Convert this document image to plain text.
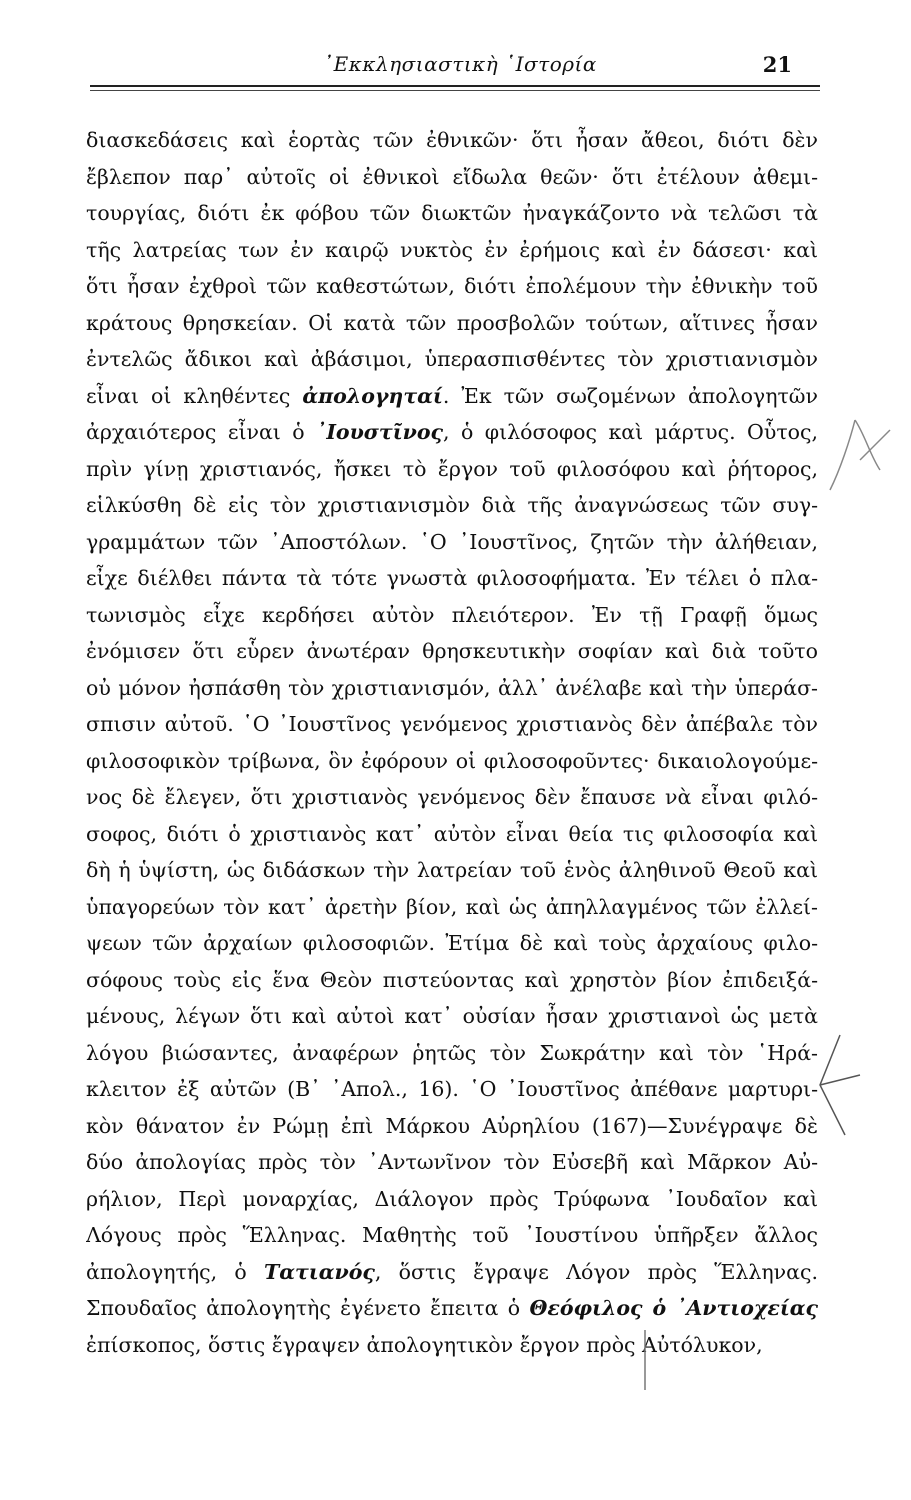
᾿Εκκλησιαστικὴ ῾Ιστορία	21
διασκεδάσεις καὶ ἑορτὰς τῶν ἐθνικῶν· ὅτι ἦσαν ἄθεοι, διότι δὲν
ἔβλεπον παρ᾽ αὐτοῖς οἱ ἐθνικοὶ εἴδωλα θεῶν· ὅτι ἐτέλουν ἀθεμι-
τουργίας, διότι ἐκ φόβου τῶν διωκτῶν ἠναγκάζοντο νὰ τελῶσι τὰ
τῆς λατρείας των ἐν καιρῷ νυκτὸς ἐν ἐρήμοις καὶ ἐν δάσεσι· καὶ
ὅτι ἦσαν ἐχθροὶ τῶν καθεστώτων, διότι ἐπολέμουν τὴν ἐθνικὴν τοῦ
κράτους θρησκείαν. Οἱ κατὰ τῶν προσβολῶν τούτων, αἵτινες ἦσαν
ἐντελῶς ἄδικοι καὶ ἀβάσιμοι, ὑπερασπισθέντες τὸν χριστιανισμὸν
εἶναι οἱ κληθέντες ἀπολογηταί. Ἐκ τῶν σωζομένων ἀπολογητῶν
ἀρχαιότερος εἶναι ὁ ᾿Ιουστῖνος, ὁ φιλόσοφος καὶ μάρτυς. Οὗτος,
πρὶν γίνῃ χριστιανός, ἤσκει τὸ ἔργον τοῦ φιλοσόφου καὶ ῥήτορος,
εἱλκύσθη δὲ εἰς τὸν χριστιανισμὸν διὰ τῆς ἀναγνώσεως τῶν συγ-
γραμμάτων τῶν ᾿Αποστόλων. ῾Ο ᾿Ιουστῖνος, ζητῶν τὴν ἀλήθειαν,
εἶχε διέλθει πάντα τὰ τότε γνωστὰ φιλοσοφήματα. Ἐν τέλει ὁ πλα-
τωνισμὸς εἶχε κερδήσει αὐτὸν πλειότερον. Ἐν τῇ Γραφῇ ὅμως
ἐνόμισεν ὅτι εὗρεν ἀνωτέραν θρησκευτικὴν σοφίαν καὶ διὰ τοῦτο
οὐ μόνον ἠσπάσθη τὸν χριστιανισμόν, ἀλλ᾽ ἀνέλαβε καὶ τὴν ὑπεράσ-
σπισιν αὐτοῦ. ῾Ο ᾿Ιουστῖνος γενόμενος χριστιανὸς δὲν ἀπέβαλε τὸν
φιλοσοφικὸν τρίβωνα, ὃν ἐφόρουν οἱ φιλοσοφοῦντες· δικαιολογούμε-
νος δὲ ἔλεγεν, ὅτι χριστιανὸς γενόμενος δὲν ἔπαυσε νὰ εἶναι φιλό-
σοφος, διότι ὁ χριστιανὸς κατ᾽ αὐτὸν εἶναι θεία τις φιλοσοφία καὶ
δὴ ἡ ὑψίστη, ὡς διδάσκων τὴν λατρείαν τοῦ ἑνὸς ἀληθινοῦ Θεοῦ καὶ
ὑπαγορεύων τὸν κατ᾽ ἀρετὴν βίον, καὶ ὡς ἀπηλλαγμένος τῶν ἐλλεί-
ψεων τῶν ἀρχαίων φιλοσοφιῶν. Ἐτίμα δὲ καὶ τοὺς ἀρχαίους φιλο-
σόφους τοὺς εἰς ἕνα Θεὸν πιστεύοντας καὶ χρηστὸν βίον ἐπιδειξά-
μένους, λέγων ὅτι καὶ αὐτοὶ κατ᾽ οὐσίαν ἦσαν χριστιανοὶ ὡς μετὰ
λόγου βιώσαντες, ἀναφέρων ῥητῶς τὸν Σωκράτην καὶ τὸν ῾Ηρά-
κλειτον ἐξ αὐτῶν (Β᾽ ᾿Απολ., 16). ῾Ο ᾿Ιουστῖνος ἀπέθανε μαρτυρι-
κὸν θάνατον ἐν Ρώμῃ ἐπὶ Μάρκου Αὐρηλίου (167)—Συνέγραψε δὲ
δύο ἀπολογίας πρὸς τὸν ᾿Αντωνῖνον τὸν Εὐσεβῆ καὶ Μᾶρκον Αὐ-
ρήλιον, Περὶ μοναρχίας, Διάλογον πρὸς Τρύφωνα ᾿Ιουδαῖον καὶ
Λόγους πρὸς Ἕλληνας. Μαθητὴς τοῦ ᾿Ιουστίνου ὑπῆρξεν ἄλλος
ἀπολογητής, ὁ Τατιανός, ὅστις ἔγραψε Λόγον πρὸς Ἕλληνας.
Σπουδαῖος ἀπολογητὴς ἐγένετο ἔπειτα ὁ Θεόφιλος ὁ ᾿Αντιοχείας
ἐπίσκοπος, ὅστις ἔγραψεν ἀπολογητικὸν ἔργον πρὸς Αὐτόλυκον,
